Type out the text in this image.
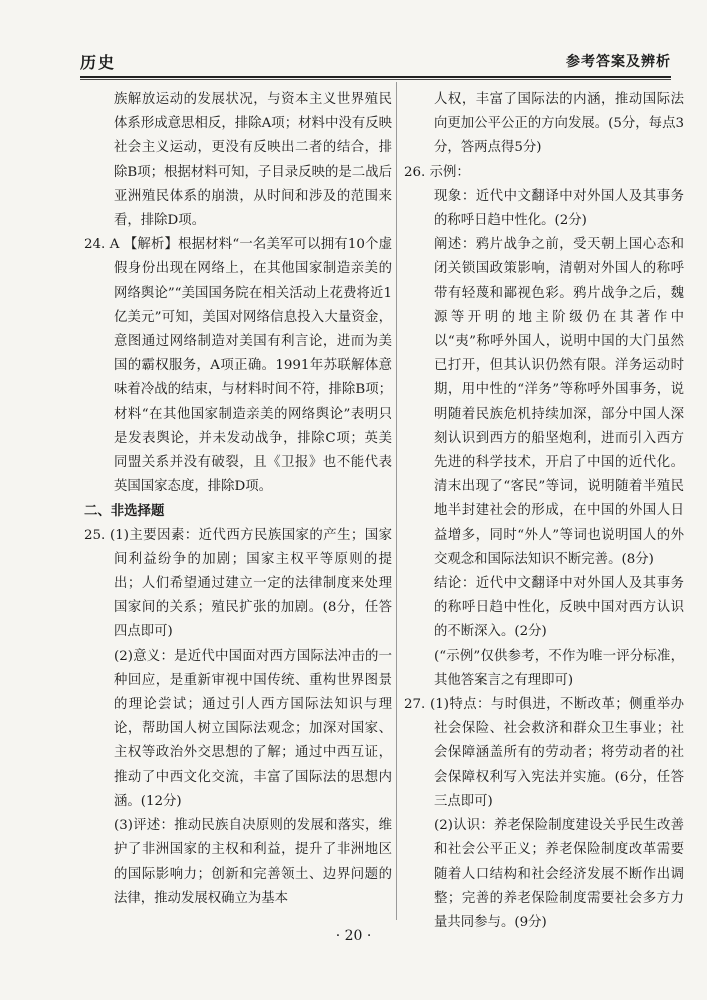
历史	参考答案及辨析

族解放运动的发展状况，与资本主义世界殖民体系形成意思相反，排除A项；材料中没有反映社会主义运动，更没有反映出二者的结合，排除B项；根据材料可知，子目录反映的是二战后亚洲殖民体系的崩溃，从时间和涉及的范围来看，排除D项。

24. A 【解析】根据材料“一名美军可以拥有10个虚假身份出现在网络上，在其他国家制造亲美的网络舆论”“美国国务院在相关活动上花费将近1亿美元”可知，美国对网络信息投入大量资金，意图通过网络制造对美国有利言论，进而为美国的霸权服务，A项正确。1991年苏联解体意味着冷战的结束，与材料时间不符，排除B项；材料“在其他国家制造亲美的网络舆论”表明只是发表舆论，并未发动战争，排除C项；英美同盟关系并没有破裂，且《卫报》也不能代表英国国家态度，排除D项。

二、非选择题

25. (1)主要因素：近代西方民族国家的产生；国家间利益纷争的加剧；国家主权平等原则的提出；人们希望通过建立一定的法律制度来处理国家间的关系；殖民扩张的加剧。(8分，任答四点即可)

(2)意义：是近代中国面对西方国际法冲击的一种回应，是重新审视中国传统、重构世界图景的理论尝试；通过引人西方国际法知识与理论，帮助国人树立国际法观念；加深对国家、主权等政治外交思想的了解；通过中西互证，推动了中西文化交流，丰富了国际法的思想内涵。(12分)

(3)评述：推动民族自决原则的发展和落实，维护了非洲国家的主权和利益，提升了非洲地区的国际影响力；创新和完善领土、边界问题的法律，推动发展权确立为基本

人权，丰富了国际法的内涵，推动国际法向更加公平公正的方向发展。(5分，每点3分，答两点得5分)

26. 示例：

现象：近代中文翻译中对外国人及其事务的称呼日趋中性化。(2分)

阐述：鸦片战争之前，受天朝上国心态和闭关锁国政策影响，清朝对外国人的称呼带有轻蔑和鄙视色彩。鸦片战争之后，魏源等开明的地主阶级仍在其著作中以“夷”称呼外国人，说明中国的大门虽然已打开，但其认识仍然有限。洋务运动时期，用中性的“洋务”等称呼外国事务，说明随着民族危机持续加深，部分中国人深刻认识到西方的船坚炮利，进而引入西方先进的科学技术，开启了中国的近代化。清末出现了“客民”等词，说明随着半殖民地半封建社会的形成，在中国的外国人日益增多，同时“外人”等词也说明国人的外交观念和国际法知识不断完善。(8分)

结论：近代中文翻译中对外国人及其事务的称呼日趋中性化，反映中国对西方认识的不断深入。(2分)

(“示例”仅供参考，不作为唯一评分标准，其他答案言之有理即可)

27. (1)特点：与时俱进，不断改革；侧重举办社会保险、社会救济和群众卫生事业；社会保障涵盖所有的劳动者；将劳动者的社会保障权利写入宪法并实施。(6分，任答三点即可)

(2)认识：养老保险制度建设关乎民生改善和社会公平正义；养老保险制度改革需要随着人口结构和社会经济发展不断作出调整；完善的养老保险制度需要社会多方力量共同参与。(9分)

· 20 ·
